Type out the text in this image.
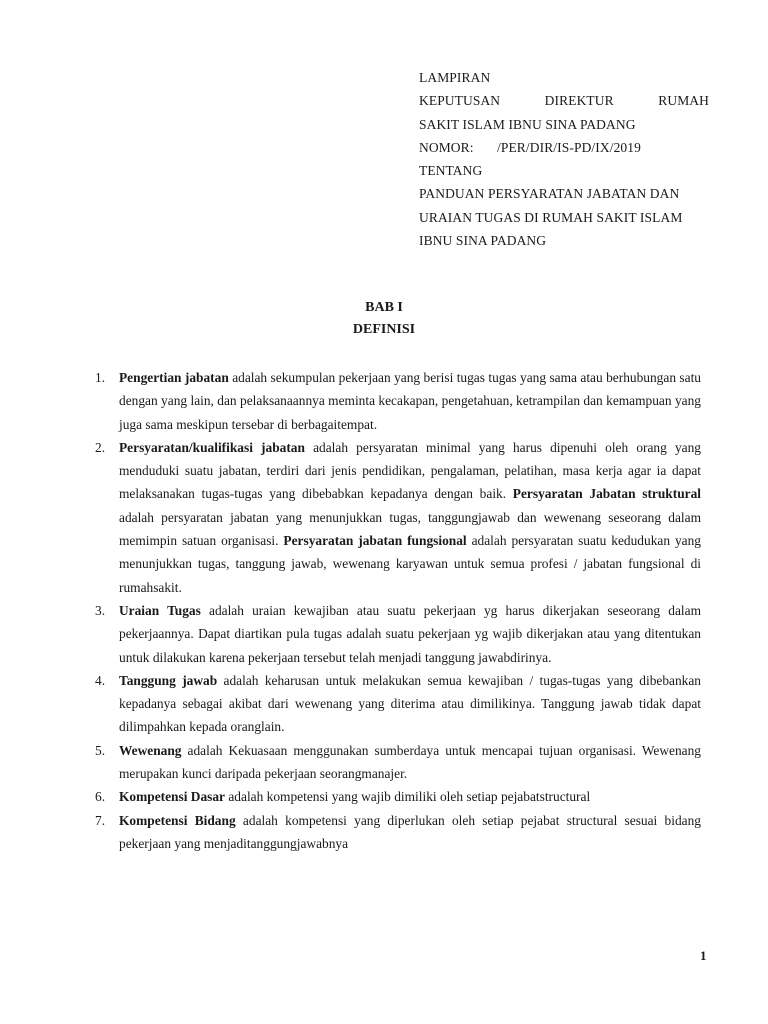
LAMPIRAN
KEPUTUSAN	DIREKTUR	RUMAH
SAKIT ISLAM IBNU SINA PADANG
NOMOR:	/PER/DIR/IS-PD/IX/2019
TENTANG
PANDUAN PERSYARATAN JABATAN DAN
URAIAN TUGAS DI RUMAH SAKIT ISLAM
IBNU SINA PADANG
BAB I
DEFINISI
1.	Pengertian jabatan adalah sekumpulan pekerjaan yang berisi tugas tugas yang sama atau berhubungan satu dengan yang lain, dan pelaksanaannya meminta kecakapan, pengetahuan, ketrampilan dan kemampuan yang juga sama meskipun tersebar di berbagaitempat.
2.	Persyaratan/kualifikasi jabatan adalah persyaratan minimal yang harus dipenuhi oleh orang yang menduduki suatu jabatan, terdiri dari jenis pendidikan, pengalaman, pelatihan, masa kerja agar ia dapat melaksanakan tugas-tugas yang dibebabkan kepadanya dengan baik. Persyaratan Jabatan struktural adalah persyaratan jabatan yang menunjukkan tugas, tanggungjawab dan wewenang seseorang dalam memimpin satuan organisasi. Persyaratan jabatan fungsional adalah persyaratan suatu kedudukan yang menunjukkan tugas, tanggung jawab, wewenang karyawan untuk semua profesi / jabatan fungsional di rumahsakit.
3.	Uraian Tugas adalah uraian kewajiban atau suatu pekerjaan yg harus dikerjakan seseorang dalam pekerjaannya. Dapat diartikan pula tugas adalah suatu pekerjaan yg wajib dikerjakan atau yang ditentukan untuk dilakukan karena pekerjaan tersebut telah menjadi tanggung jawabdirinya.
4.	Tanggung jawab adalah keharusan untuk melakukan semua kewajiban / tugas-tugas yang dibebankan kepadanya sebagai akibat dari wewenang yang diterima atau dimilikinya. Tanggung jawab tidak dapat dilimpahkan kepada oranglain.
5.	Wewenang adalah Kekuasaan menggunakan sumberdaya untuk mencapai tujuan organisasi. Wewenang merupakan kunci daripada pekerjaan seorangmanajer.
6.	Kompetensi Dasar adalah kompetensi yang wajib dimiliki oleh setiap pejabatstructural
7.	Kompetensi Bidang adalah kompetensi yang diperlukan oleh setiap pejabat structural sesuai bidang pekerjaan yang menjaditanggungjawabnya
1
